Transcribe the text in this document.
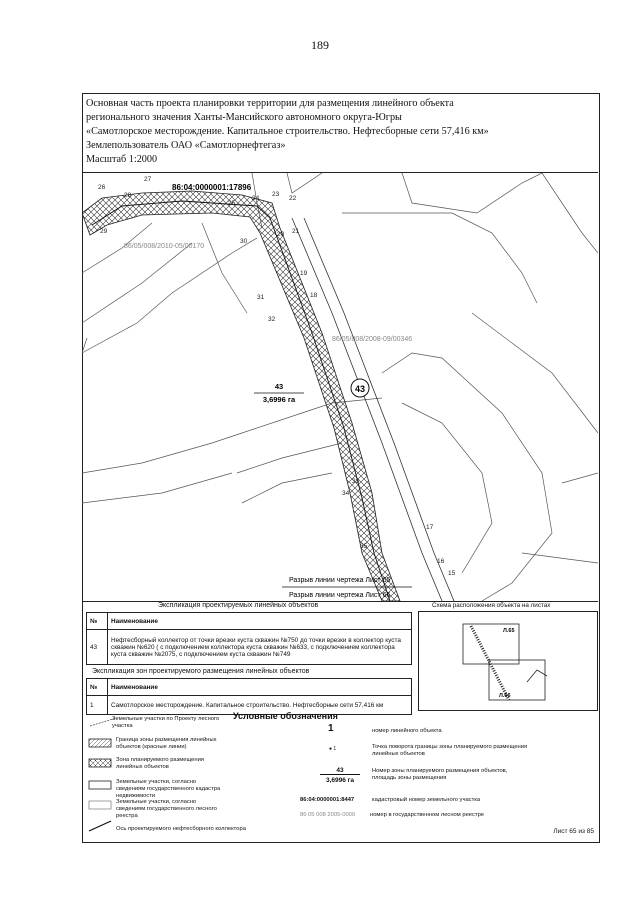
189
Основная часть проекта планировки территории для размещения линейного объекта
регионального значения Ханты-Мансийского автономного округа-Югры
«Самотлорское месторождение. Капитальное строительство. Нефтесборные сети 57,416 км»
Землепользователь ОАО «Самотлорнефтегаз»
Масштаб 1:2000
86:04:0000001:17896
86/05/008/2010-05/00170
86/05/008/2008-09/00346
43
43
3,6996 га
26
27
28
25
24
23
22
29
30
20 21
19
18
31
32
33
34
35
17
16
15
Разрыв линии чертежа Лист 65
Разрыв линии чертежа Лист 66
Экспликация проектируемых линейных объектов
№	Наименование
43	Нефтесборный коллектор от точки врезки куста скважин №750 до точки врезки в коллектор куста скважин №620 ( с подключением коллектора куста скважин №633, с подключением коллектора куста скважин №2075, с подключением куста скважин №749
Экспликация зон проектируемого размещения линейных объектов
№	Наименование
1	Самотлорское месторождение. Капитальное строительство. Нефтесборные сети 57,416 км
Схема расположения объекта на листах
Л.65
Л.66
Условные обозначения
Земельные участки по Проекту лесного участка
Граница зоны размещения линейных объектов (красные линии)
Зона планируемого размещения линейных объектов
Земельные участки, согласно сведениям государственного кадастра недвижимости
Земельные участки, согласно сведениям государственного лесного реестра
Ось проектируемого нефтесборного коллектора
1	номер линейного объекта
● 1	Точка поворота границы зоны планируемого размещения линейных объектов
43
3,6996 га
Номер зоны планируемого размещения объектов, площадь зоны размещения
86:04:0000001:8447	кадастровый номер земельного участка
86 05 008 2005-0000	номер в государственном лесном реестре
Лист 65 из 85
